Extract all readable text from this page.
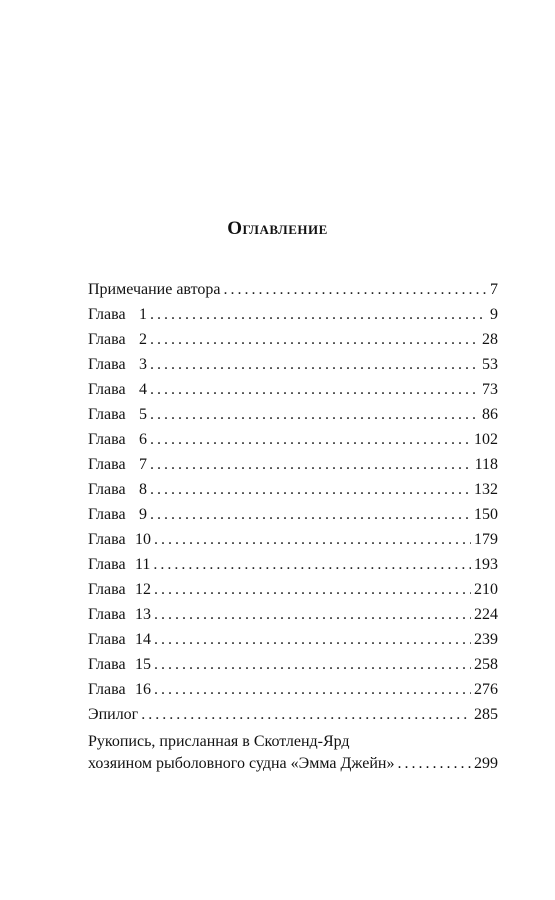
Оглавление
Примечание автора . . .	7
Глава 1 . . .	9
Глава 2 . . .	28
Глава 3 . . .	53
Глава 4 . . .	73
Глава 5 . . .	86
Глава 6 . . .	102
Глава 7 . . .	118
Глава 8 . . .	132
Глава 9 . . .	150
Глава 10 . . .	179
Глава 11 . . .	193
Глава 12 . . .	210
Глава 13 . . .	224
Глава 14 . . .	239
Глава 15 . . .	258
Глава 16 . . .	276
Эпилог . . .	285
Рукопись, присланная в Скотленд-Ярд
хозяином рыболовного судна «Эмма Джейн» . . .	299
